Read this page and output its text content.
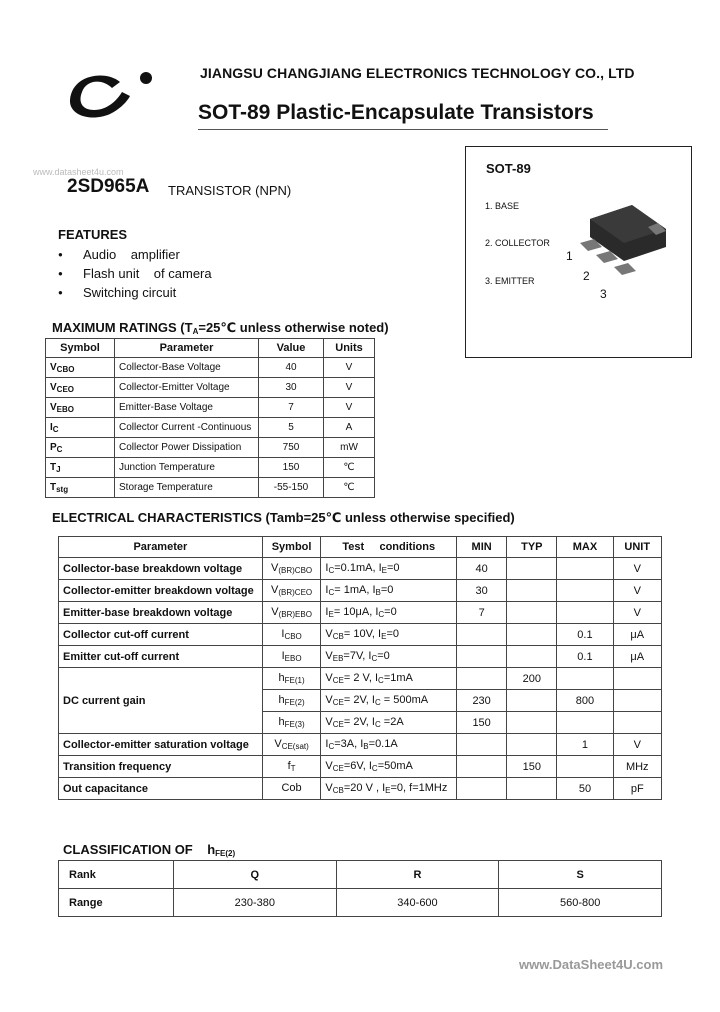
JIANGSU CHANGJIANG ELECTRONICS TECHNOLOGY CO., LTD
SOT-89 Plastic-Encapsulate Transistors
www.datasheet4u.com
2SD965A TRANSISTOR (NPN)
FEATURES
● Audio    amplifier
● Flash unit    of camera
● Switching circuit
SOT-89
1. BASE
2. COLLECTOR
3. EMITTER
1
2
3
MAXIMUM RATINGS ($T_A=25℃$ unless otherwise noted)
Symbol	Parameter	Value	Units
$V_{CBO}$	Collector-Base Voltage	40	V
$V_{CEO}$	Collector-Emitter Voltage	30	V
$V_{EBO}$	Emitter-Base Voltage	7	V
$I_C$	Collector Current -Continuous	5	A
$P_C$	Collector Power Dissipation	750	mW
$T_J$	Junction Temperature	150	℃
$T_{stg}$	Storage Temperature	-55-150	℃
ELECTRICAL CHARACTERISTICS (Tamb=25℃ unless otherwise specified)
Parameter	Symbol	Test     conditions	MIN	TYP	MAX	UNIT
Collector-base breakdown voltage	$V_{(BR)CBO}$	$I_C=0.1mA$, $I_E=0$	40			V
Collector-emitter breakdown voltage	$V_{(BR)CEO}$	$I_C= 1mA$, $I_B=0$	30			V
Emitter-base breakdown voltage	$V_{(BR)EBO}$	$I_E= 10\mu A$, $I_C=0$	7			V
Collector cut-off current	$I_{CBO}$	$V_{CB}= 10V$, $I_E=0$			0.1	μA
Emitter cut-off current	$I_{EBO}$	$V_{EB}=7V$, $I_C=0$			0.1	μA
DC current gain	$h_{FE(1)}$	$V_{CE}= 2$ V, $I_C=1mA$		200		
	$h_{FE(2)}$	$V_{CE}= 2V$, $I_C = 500mA$	230		800	
	$h_{FE(3)}$	$V_{CE}= 2V$, $I_C =2A$	150			
Collector-emitter saturation voltage	$V_{CE(sat)}$	$I_C=3A$, $I_B=0.1A$			1	V
Transition frequency	$f_T$	$V_{CE}=6V$, $I_C=50mA$		150		MHz
Out capacitance	Cob	$V_{CB}=20$ V , $I_E=0$, f=1MHz			50	pF
CLASSIFICATION OF    $h_{FE(2)}$
Rank	Q	R	S
Range	230-380	340-600	560-800
www.DataSheet4U.com
